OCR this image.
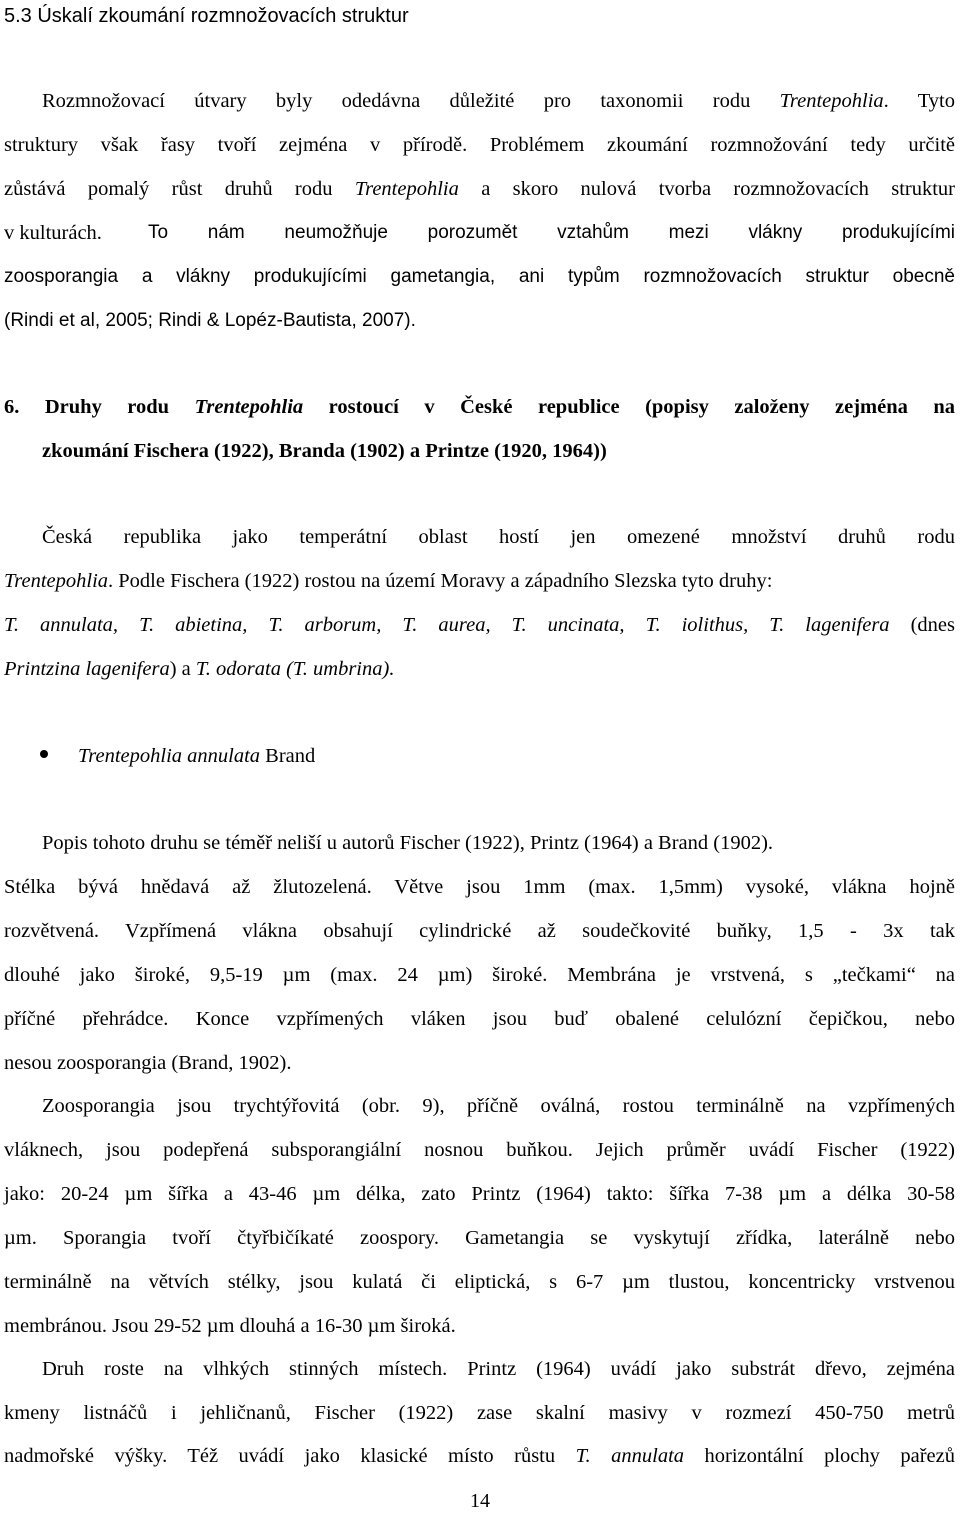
5.3 Úskalí zkoumání rozmnožovacích struktur
Rozmnožovací útvary byly odedávna důležité pro taxonomii rodu Trentepohlia. Tyto
struktury však řasy tvoří zejména v přírodě. Problémem zkoumání rozmnožování tedy určitě
zůstává pomalý růst druhů rodu Trentepohlia a skoro nulová tvorba rozmnožovacích struktur
v kulturách. To nám neumožňuje porozumět vztahům mezi vlákny produkujícími
zoosporangia a vlákny produkujícími gametangia, ani typům rozmnožovacích struktur obecně
(Rindi et al, 2005; Rindi & Lopéz-Bautista, 2007).
6. Druhy rodu Trentepohlia rostoucí v České republice (popisy založeny zejména na
zkoumání Fischera (1922), Branda (1902) a Printze (1920, 1964))
Česká republika jako temperátní oblast hostí jen omezené množství druhů rodu
Trentepohlia. Podle Fischera (1922) rostou na území Moravy a západního Slezska tyto druhy:
T. annulata, T. abietina, T. arborum, T. aurea, T. uncinata, T. iolithus, T. lagenifera (dnes
Printzina lagenifera) a T. odorata (T. umbrina).
Trentepohlia annulata Brand
Popis tohoto druhu se téměř neliší u autorů Fischer (1922), Printz (1964) a Brand (1902).
Stélka bývá hnědavá až žlutozelená. Větve jsou 1mm (max. 1,5mm) vysoké, vlákna hojně
rozvětvená. Vzpřímená vlákna obsahují cylindrické až soudečkovité buňky, 1,5 - 3x tak
dlouhé jako široké, 9,5-19 µm (max. 24 µm) široké. Membrána je vrstvená, s „tečkami“ na
příčné přehrádce. Konce vzpřímených vláken jsou buď obalené celulózní čepičkou, nebo
nesou zoosporangia (Brand, 1902).
Zoosporangia jsou trychtýřovitá (obr. 9), příčně oválná, rostou terminálně na vzpřímených
vláknech, jsou podepřená subsporangiální nosnou buňkou. Jejich průměr uvádí Fischer (1922)
jako: 20-24 µm šířka a 43-46 µm délka, zato Printz (1964) takto: šířka 7-38 µm a délka 30-58
µm. Sporangia tvoří čtyřbičíkaté zoospory. Gametangia se vyskytují zřídka, laterálně nebo
terminálně na větvích stélky, jsou kulatá či eliptická, s 6-7 µm tlustou, koncentricky vrstvenou
membránou. Jsou 29-52 µm dlouhá a 16-30 µm široká.
Druh roste na vlhkých stinných místech. Printz (1964) uvádí jako substrát dřevo, zejména
kmeny listnáčů i jehličnanů, Fischer (1922) zase skalní masivy v rozmezí 450-750 metrů
nadmořské výšky. Též uvádí jako klasické místo růstu T. annulata horizontální plochy pařezů
14
